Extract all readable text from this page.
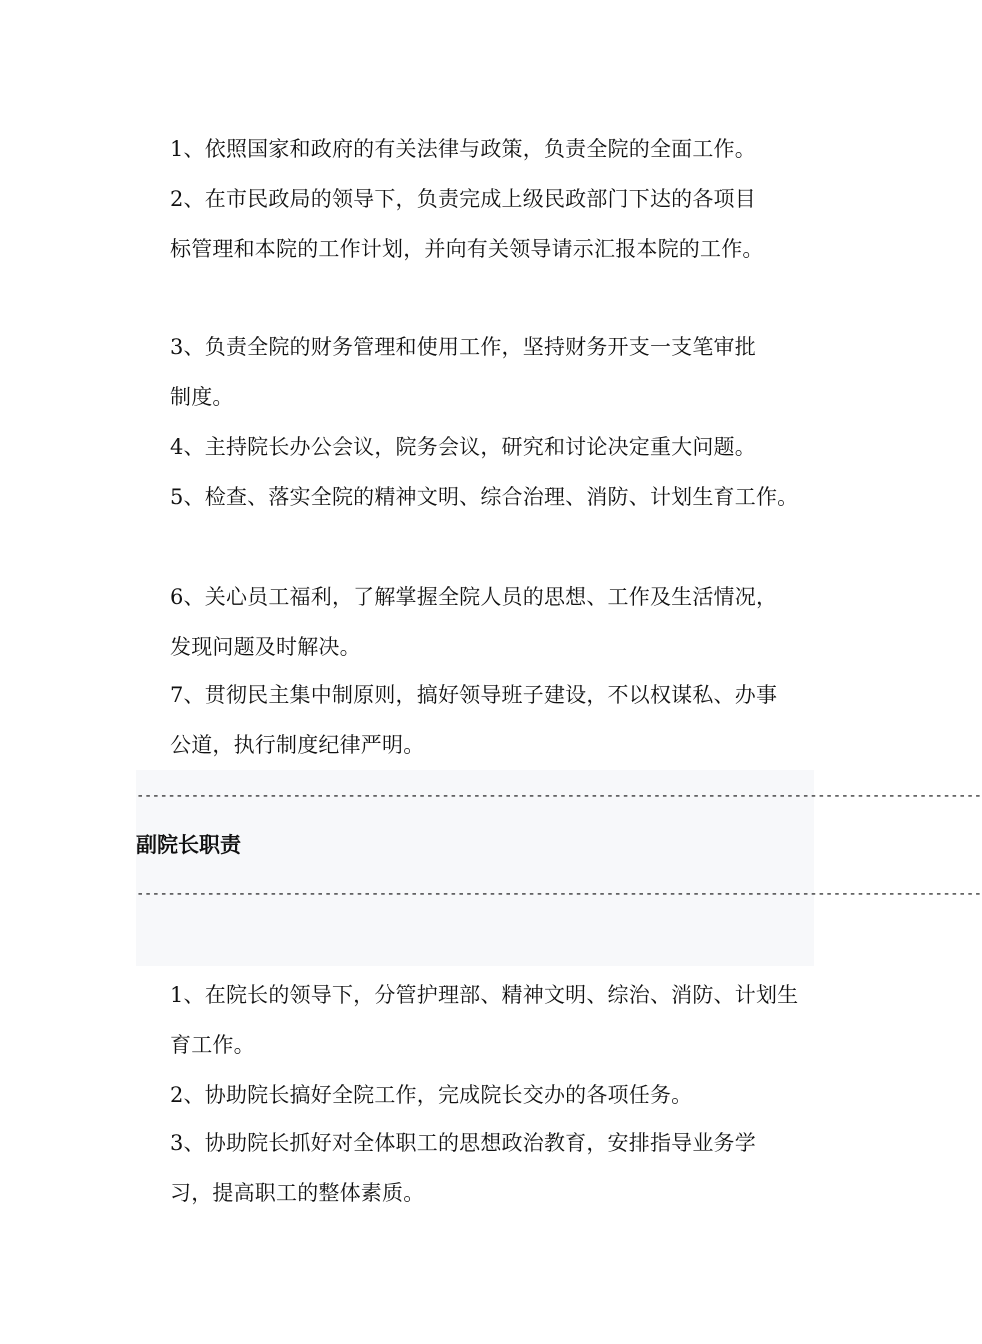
1、依照国家和政府的有关法律与政策，负责全院的全面工作。
2、在市民政局的领导下，负责完成上级民政部门下达的各项目
标管理和本院的工作计划，并向有关领导请示汇报本院的工作。
3、负责全院的财务管理和使用工作，坚持财务开支一支笔审批
制度。
4、主持院长办公会议，院务会议，研究和讨论决定重大问题。
5、检查、落实全院的精神文明、综合治理、消防、计划生育工作。
6、关心员工福利，了解掌握全院人员的思想、工作及生活情况，
发现问题及时解决。
7、贯彻民主集中制原则，搞好领导班子建设，不以权谋私、办事
公道，执行制度纪律严明。
------------------------------------------------------------------------------------------------------------
副院长职责
------------------------------------------------------------------------------------------------------------
1、在院长的领导下，分管护理部、精神文明、综治、消防、计划生
育工作。
2、协助院长搞好全院工作，完成院长交办的各项任务。
3、协助院长抓好对全体职工的思想政治教育，安排指导业务学
习，提高职工的整体素质。
